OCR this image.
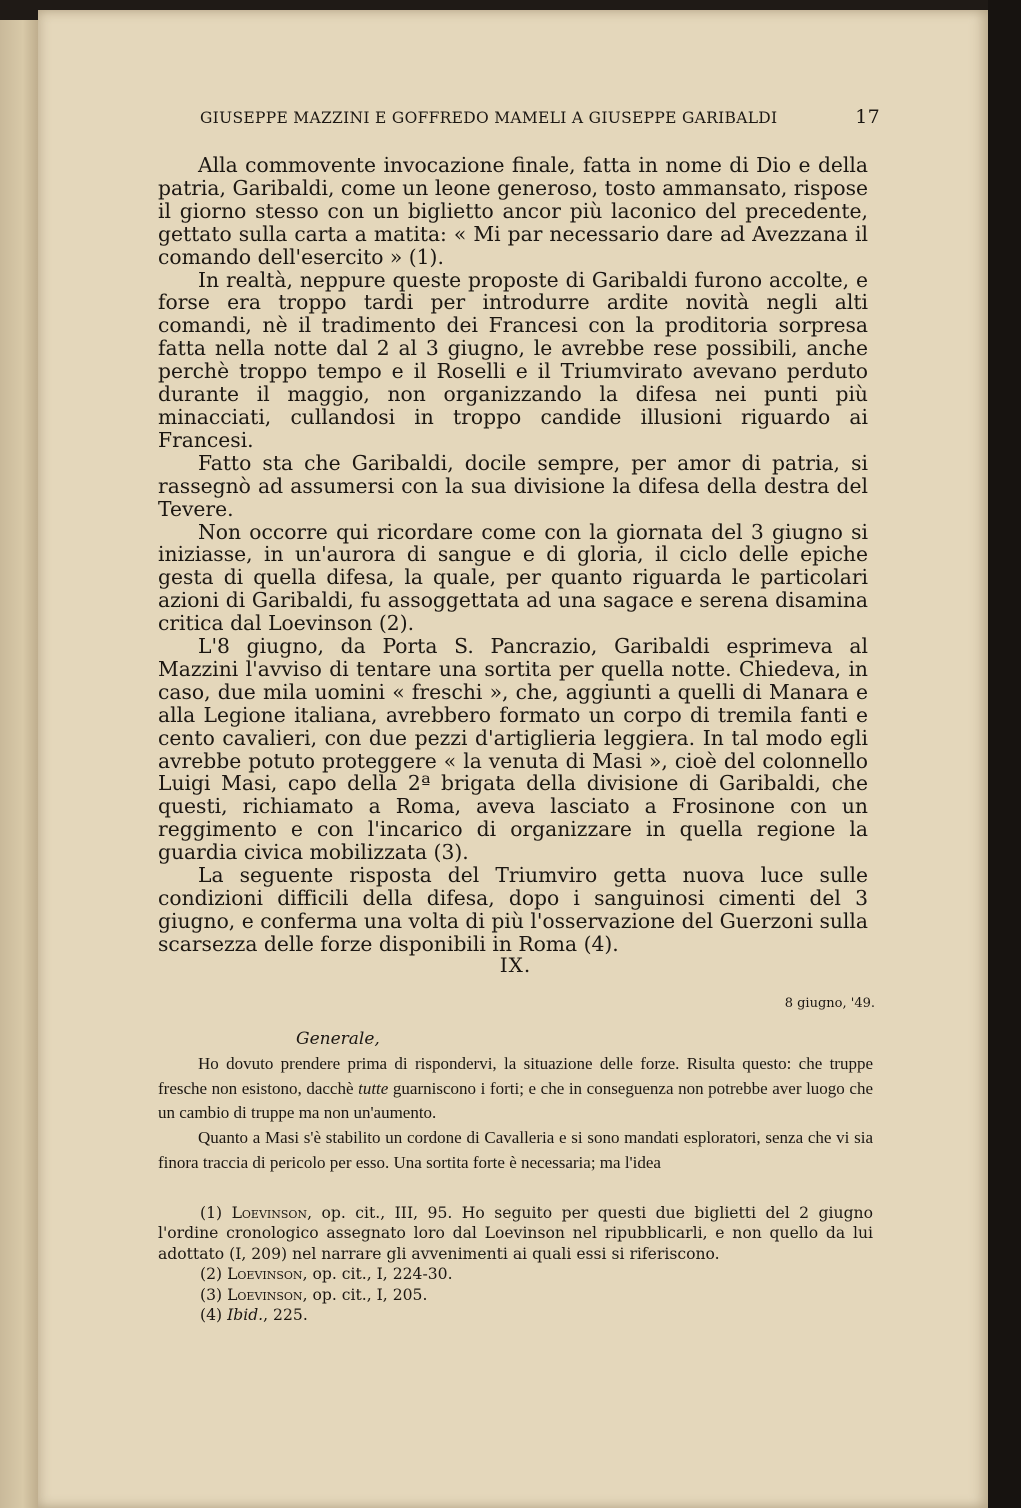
GIUSEPPE MAZZINI E GOFFREDO MAMELI A GIUSEPPE GARIBALDI	17

Alla commovente invocazione finale, fatta in nome di Dio e della patria, Garibaldi, come un leone generoso, tosto ammansato, rispose il giorno stesso con un biglietto ancor più laconico del precedente, gettato sulla carta a matita: « Mi par necessario dare ad Avezzana il comando dell'esercito » (1).

In realtà, neppure queste proposte di Garibaldi furono accolte, e forse era troppo tardi per introdurre ardite novità negli alti comandi, nè il tradimento dei Francesi con la proditoria sorpresa fatta nella notte dal 2 al 3 giugno, le avrebbe rese possibili, anche perchè troppo tempo e il Roselli e il Triumvirato avevano perduto durante il maggio, non organizzando la difesa nei punti più minacciati, cullandosi in troppo candide illusioni riguardo ai Francesi.

Fatto sta che Garibaldi, docile sempre, per amor di patria, si rassegnò ad assumersi con la sua divisione la difesa della destra del Tevere.

Non occorre qui ricordare come con la giornata del 3 giugno si iniziasse, in un'aurora di sangue e di gloria, il ciclo delle epiche gesta di quella difesa, la quale, per quanto riguarda le particolari azioni di Garibaldi, fu assoggettata ad una sagace e serena disamina critica dal Loevinson (2).

L'8 giugno, da Porta S. Pancrazio, Garibaldi esprimeva al Mazzini l'avviso di tentare una sortita per quella notte. Chiedeva, in caso, due mila uomini « freschi », che, aggiunti a quelli di Manara e alla Legione italiana, avrebbero formato un corpo di tremila fanti e cento cavalieri, con due pezzi d'artiglieria leggiera. In tal modo egli avrebbe potuto proteggere « la venuta di Masi », cioè del colonnello Luigi Masi, capo della 2ª brigata della divisione di Garibaldi, che questi, richiamato a Roma, aveva lasciato a Frosinone con un reggimento e con l'incarico di organizzare in quella regione la guardia civica mobilizzata (3).

La seguente risposta del Triumviro getta nuova luce sulle condizioni difficili della difesa, dopo i sanguinosi cimenti del 3 giugno, e conferma una volta di più l'osservazione del Guerzoni sulla scarsezza delle forze disponibili in Roma (4).

IX.
8 giugno, '49.
Generale,

Ho dovuto prendere prima di rispondervi, la situazione delle forze. Risulta questo: che truppe fresche non esistono, dacchè tutte guarniscono i forti; e che in conseguenza non potrebbe aver luogo che un cambio di truppe ma non un'aumento.

Quanto a Masi s'è stabilito un cordone di Cavalleria e si sono mandati esploratori, senza che vi sia finora traccia di pericolo per esso. Una sortita forte è necessaria; ma l'idea

(1) Loevinson, op. cit., III, 95. Ho seguito per questi due biglietti del 2 giugno l'ordine cronologico assegnato loro dal Loevinson nel ripubblicarli, e non quello da lui adottato (I, 209) nel narrare gli avvenimenti ai quali essi si riferiscono.

(2) Loevinson, op. cit., I, 224-30.

(3) Loevinson, op. cit., I, 205.

(4) Ibid., 225.
